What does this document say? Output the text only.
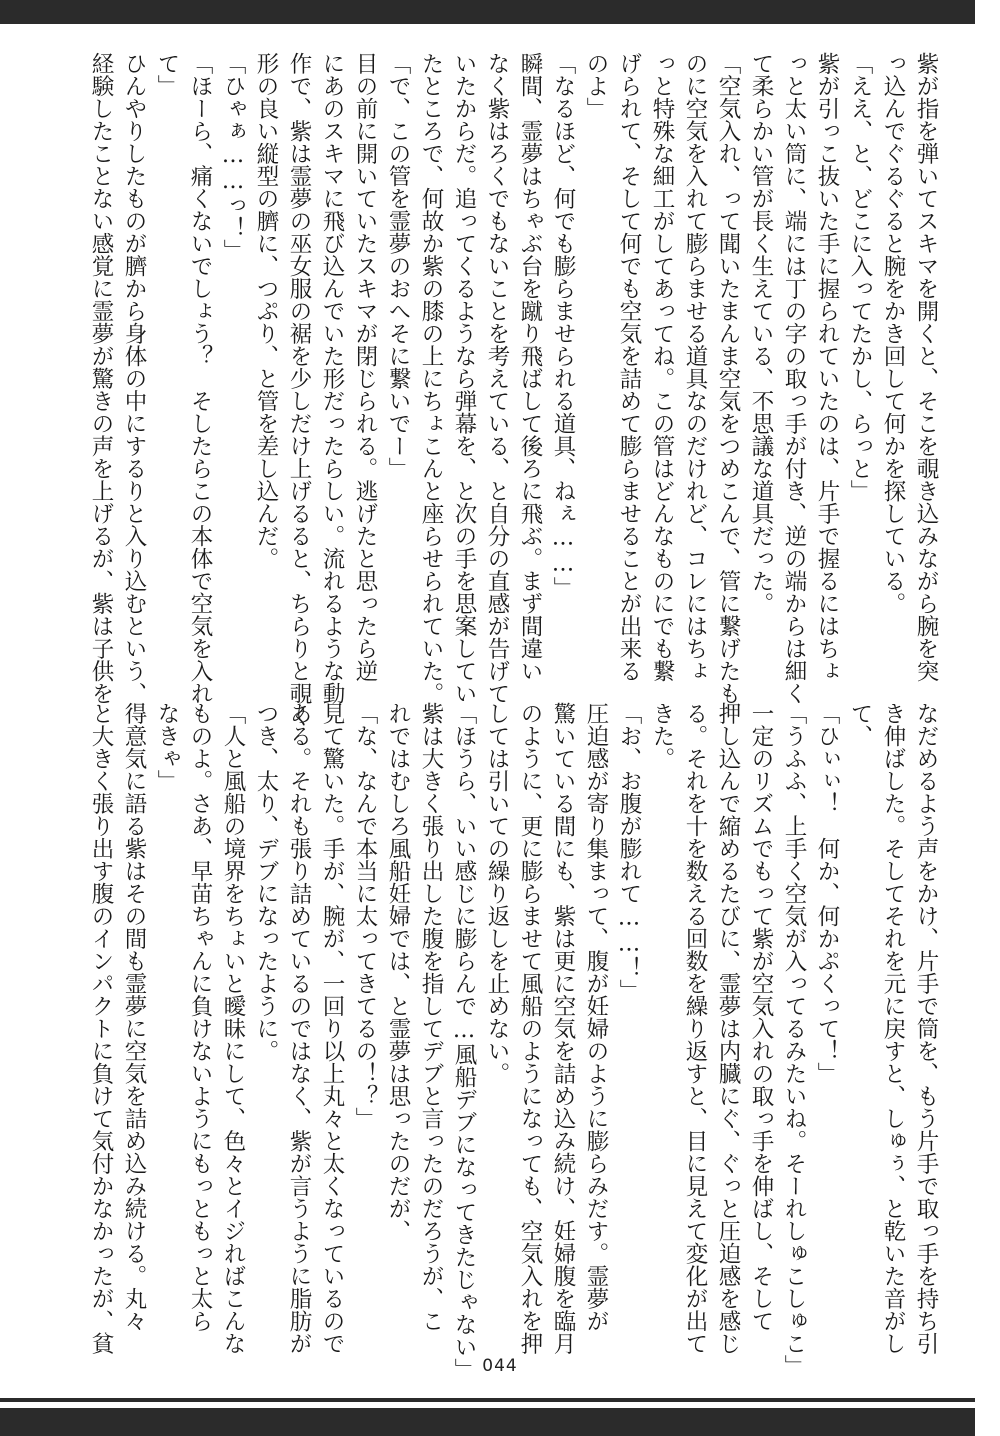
紫が指を弾いてスキマを開くと、そこを覗き込みながら腕を突
っ込んでぐるぐると腕をかき回して何かを探している。
「ええ、と、どこに入ってたかし、らっと」
紫が引っこ抜いた手に握られていたのは、片手で握るにはちょ
っと太い筒に、端には丁の字の取っ手が付き、逆の端からは細く
て柔らかい管が長く生えている、不思議な道具だった。
「空気入れ、って聞いたまんま空気をつめこんで、管に繋げたも
のに空気を入れて膨らませる道具なのだけれど、コレにはちょ
っと特殊な細工がしてあってね。この管はどんなものにでも繋
げられて、そして何でも空気を詰めて膨らませることが出来る
のよ」
「なるほど、何でも膨らませられる道具、ねぇ……」
瞬間、霊夢はちゃぶ台を蹴り飛ばして後ろに飛ぶ。まず間違い
なく紫はろくでもないことを考えている、と自分の直感が告げて
いたからだ。追ってくるようなら弾幕を、と次の手を思案してい
たところで、何故か紫の膝の上にちょこんと座らせられていた。
「で、この管を霊夢のおへそに繋いでー」
目の前に開いていたスキマが閉じられる。逃げたと思ったら逆
にあのスキマに飛び込んでいた形だったらしい。流れるような動
作で、紫は霊夢の巫女服の裾を少しだけ上げるると、ちらりと覗く
形の良い縦型の臍に、つぷり、と管を差し込んだ。
「ひゃぁ……っ！」
「ほーら、痛くないでしょう？　そしたらこの本体で空気を入れ
て」
ひんやりしたものが臍から身体の中にするりと入り込むという、
経験したことない感覚に霊夢が驚きの声を上げるが、紫は子供を
なだめるよう声をかけ、片手で筒を、もう片手で取っ手を持ち引
き伸ばした。そしてそれを元に戻すと、しゅぅ、と乾いた音がし
て、
「ひぃぃ！　何か、何かぷくって！」
「うふふ、上手く空気が入ってるみたいね。そーれしゅこしゅこ」
一定のリズムでもって紫が空気入れの取っ手を伸ばし、そして
押し込んで縮めるたびに、霊夢は内臓にぐ、ぐっと圧迫感を感じ
る。それを十を数える回数を繰り返すと、目に見えて変化が出て
きた。
「お、お腹が膨れて……！」
圧迫感が寄り集まって、腹が妊婦のように膨らみだす。霊夢が
驚いている間にも、紫は更に空気を詰め込み続け、妊婦腹を臨月
のように、更に膨らませて風船のようになっても、空気入れを押
しては引いての繰り返しを止めない。
「ほうら、いい感じに膨らんで…風船デブになってきたじゃない」
紫は大きく張り出した腹を指してデブと言ったのだろうが、こ
れではむしろ風船妊婦では、と霊夢は思ったのだが、
「な、なんで本当に太ってきてるの！？」
見て驚いた。手が、腕が、一回り以上丸々と太くなっているので
ある。それも張り詰めているのではなく、紫が言うように脂肪が
つき、太り、デブになったように。
「人と風船の境界をちょいと曖昧にして、色々とイジればこんな
ものよ。さあ、早苗ちゃんに負けないようにもっともっと太ら
なきゃ」
得意気に語る紫はその間も霊夢に空気を詰め込み続ける。丸々
と大きく張り出す腹のインパクトに負けて気付かなかったが、貧
044
